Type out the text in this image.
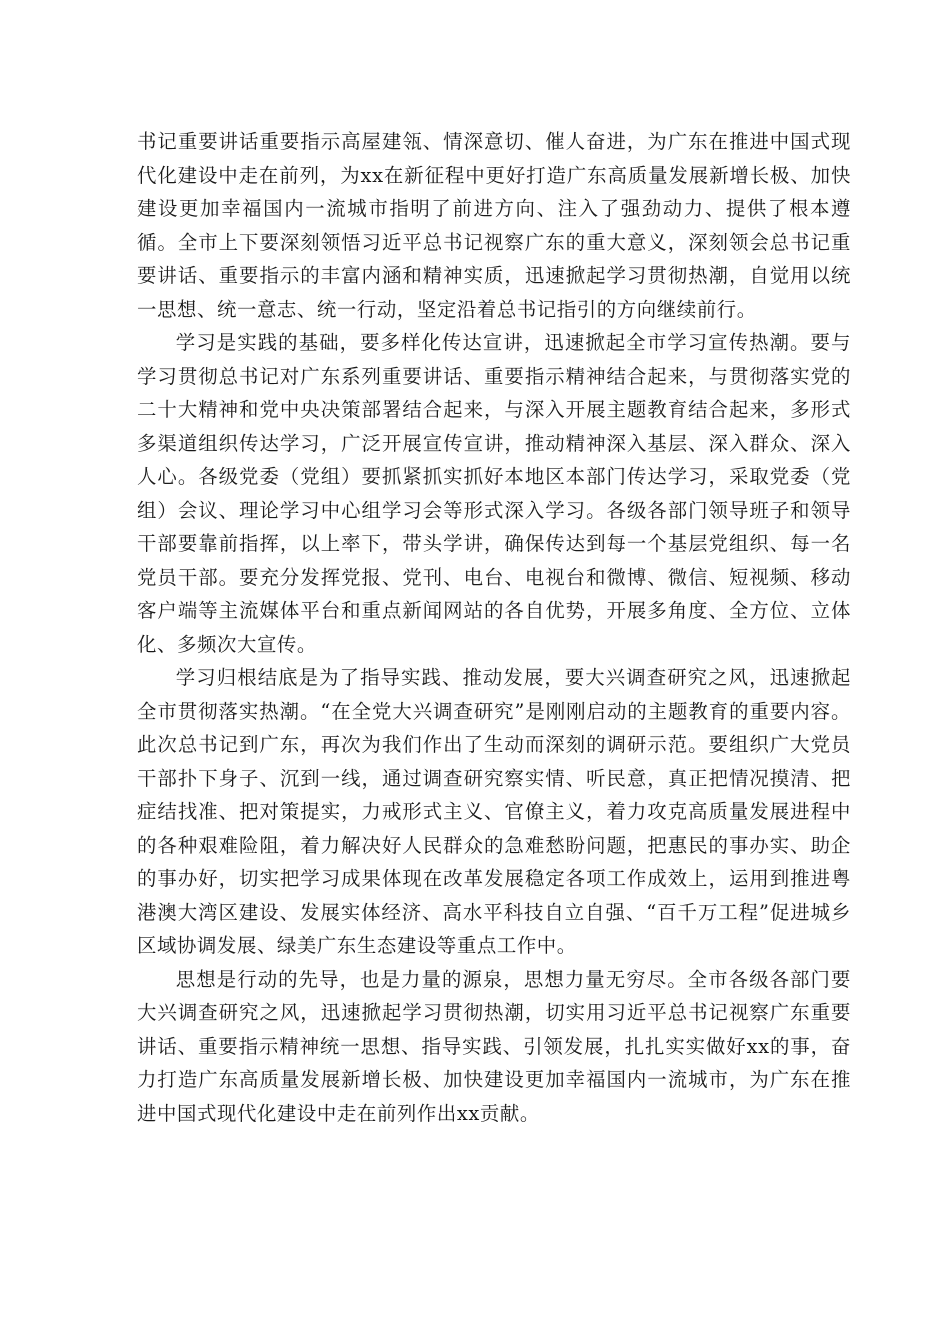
书记重要讲话重要指示高屋建瓴、情深意切、催人奋进，为广东在推进中国式现代化建设中走在前列，为xx在新征程中更好打造广东高质量发展新增长极、加快建设更加幸福国内一流城市指明了前进方向、注入了强劲动力、提供了根本遵循。全市上下要深刻领悟习近平总书记视察广东的重大意义，深刻领会总书记重要讲话、重要指示的丰富内涵和精神实质，迅速掀起学习贯彻热潮，自觉用以统一思想、统一意志、统一行动，坚定沿着总书记指引的方向继续前行。

学习是实践的基础，要多样化传达宣讲，迅速掀起全市学习宣传热潮。要与学习贯彻总书记对广东系列重要讲话、重要指示精神结合起来，与贯彻落实党的二十大精神和党中央决策部署结合起来，与深入开展主题教育结合起来，多形式多渠道组织传达学习，广泛开展宣传宣讲，推动精神深入基层、深入群众、深入人心。各级党委（党组）要抓紧抓实抓好本地区本部门传达学习，采取党委（党组）会议、理论学习中心组学习会等形式深入学习。各级各部门领导班子和领导干部要靠前指挥，以上率下，带头学讲，确保传达到每一个基层党组织、每一名党员干部。要充分发挥党报、党刊、电台、电视台和微博、微信、短视频、移动客户端等主流媒体平台和重点新闻网站的各自优势，开展多角度、全方位、立体化、多频次大宣传。

学习归根结底是为了指导实践、推动发展，要大兴调查研究之风，迅速掀起全市贯彻落实热潮。“在全党大兴调查研究”是刚刚启动的主题教育的重要内容。此次总书记到广东，再次为我们作出了生动而深刻的调研示范。要组织广大党员干部扑下身子、沉到一线，通过调查研究察实情、听民意，真正把情况摸清、把症结找准、把对策提实，力戒形式主义、官僚主义，着力攻克高质量发展进程中的各种艰难险阻，着力解决好人民群众的急难愁盼问题，把惠民的事办实、助企的事办好，切实把学习成果体现在改革发展稳定各项工作成效上，运用到推进粤港澳大湾区建设、发展实体经济、高水平科技自立自强、“百千万工程”促进城乡区域协调发展、绿美广东生态建设等重点工作中。

思想是行动的先导，也是力量的源泉，思想力量无穷尽。全市各级各部门要大兴调查研究之风，迅速掀起学习贯彻热潮，切实用习近平总书记视察广东重要讲话、重要指示精神统一思想、指导实践、引领发展，扎扎实实做好xx的事，奋力打造广东高质量发展新增长极、加快建设更加幸福国内一流城市，为广东在推进中国式现代化建设中走在前列作出xx贡献。
